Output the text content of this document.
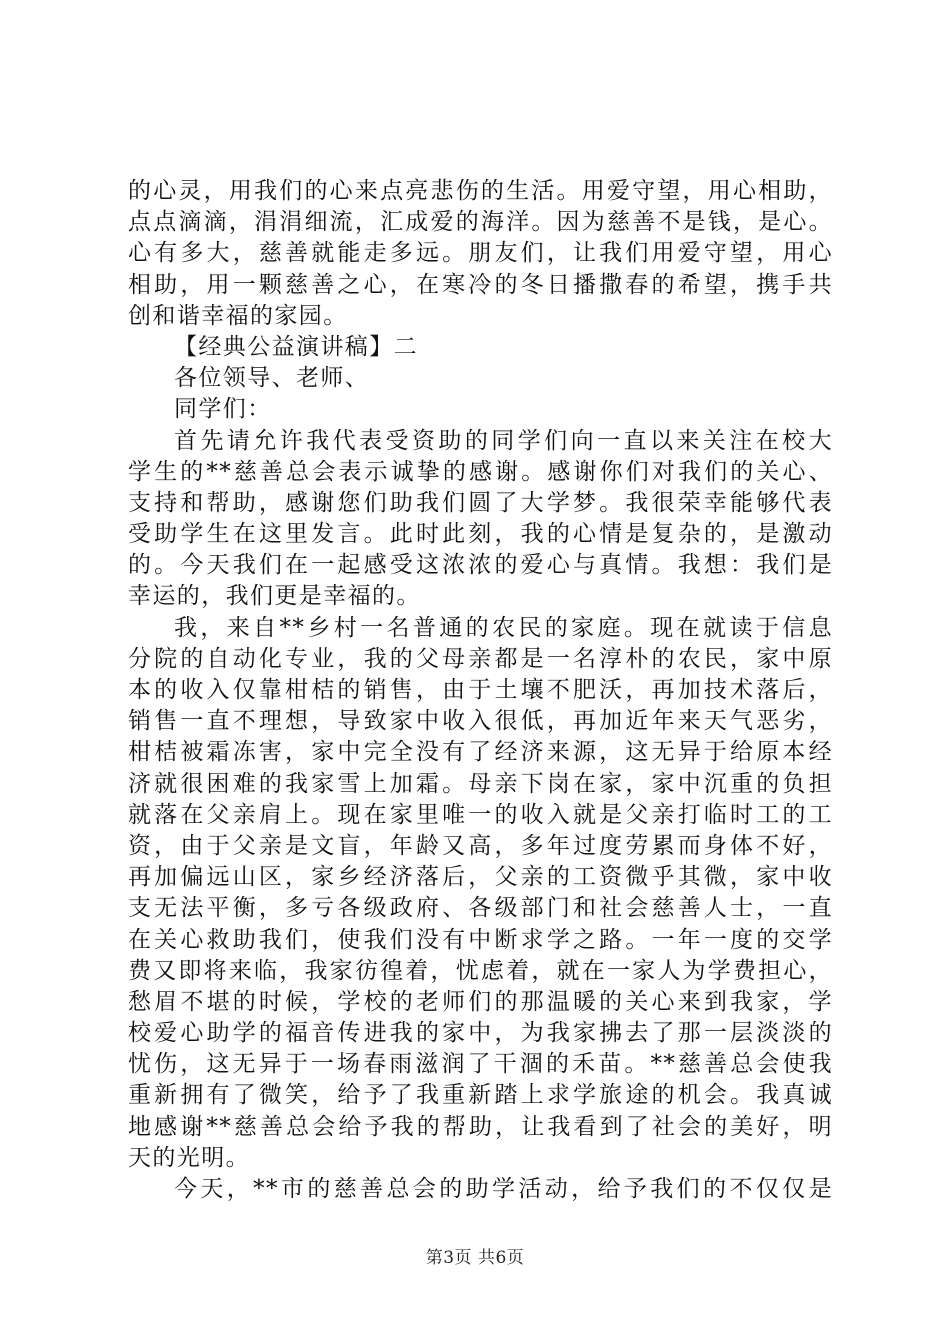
的心灵，用我们的心来点亮悲伤的生活。用爱守望，用心相助，
点点滴滴，涓涓细流，汇成爱的海洋。因为慈善不是钱，是心。
心有多大，慈善就能走多远。朋友们，让我们用爱守望，用心
相助，用一颗慈善之心，在寒冷的冬日播撒春的希望，携手共
创和谐幸福的家园。
【经典公益演讲稿】二
各位领导、老师、
同学们：
首先请允许我代表受资助的同学们向一直以来关注在校大
学生的**慈善总会表示诚挚的感谢。感谢你们对我们的关心、
支持和帮助，感谢您们助我们圆了大学梦。我很荣幸能够代表
受助学生在这里发言。此时此刻，我的心情是复杂的，是激动
的。今天我们在一起感受这浓浓的爱心与真情。我想：我们是
幸运的，我们更是幸福的。
我，来自**乡村一名普通的农民的家庭。现在就读于信息
分院的自动化专业，我的父母亲都是一名淳朴的农民，家中原
本的收入仅靠柑桔的销售，由于土壤不肥沃，再加技术落后，
销售一直不理想，导致家中收入很低，再加近年来天气恶劣，
柑桔被霜冻害，家中完全没有了经济来源，这无异于给原本经
济就很困难的我家雪上加霜。母亲下岗在家，家中沉重的负担
就落在父亲肩上。现在家里唯一的收入就是父亲打临时工的工
资，由于父亲是文盲，年龄又高，多年过度劳累而身体不好，
再加偏远山区，家乡经济落后，父亲的工资微乎其微，家中收
支无法平衡，多亏各级政府、各级部门和社会慈善人士，一直
在关心救助我们，使我们没有中断求学之路。一年一度的交学
费又即将来临，我家彷徨着，忧虑着，就在一家人为学费担心，
愁眉不堪的时候，学校的老师们的那温暖的关心来到我家，学
校爱心助学的福音传进我的家中，为我家拂去了那一层淡淡的
忧伤，这无异于一场春雨滋润了干涸的禾苗。**慈善总会使我
重新拥有了微笑，给予了我重新踏上求学旅途的机会。我真诚
地感谢**慈善总会给予我的帮助，让我看到了社会的美好，明
天的光明。
今天，**市的慈善总会的助学活动，给予我们的不仅仅是
第3页 共6页
